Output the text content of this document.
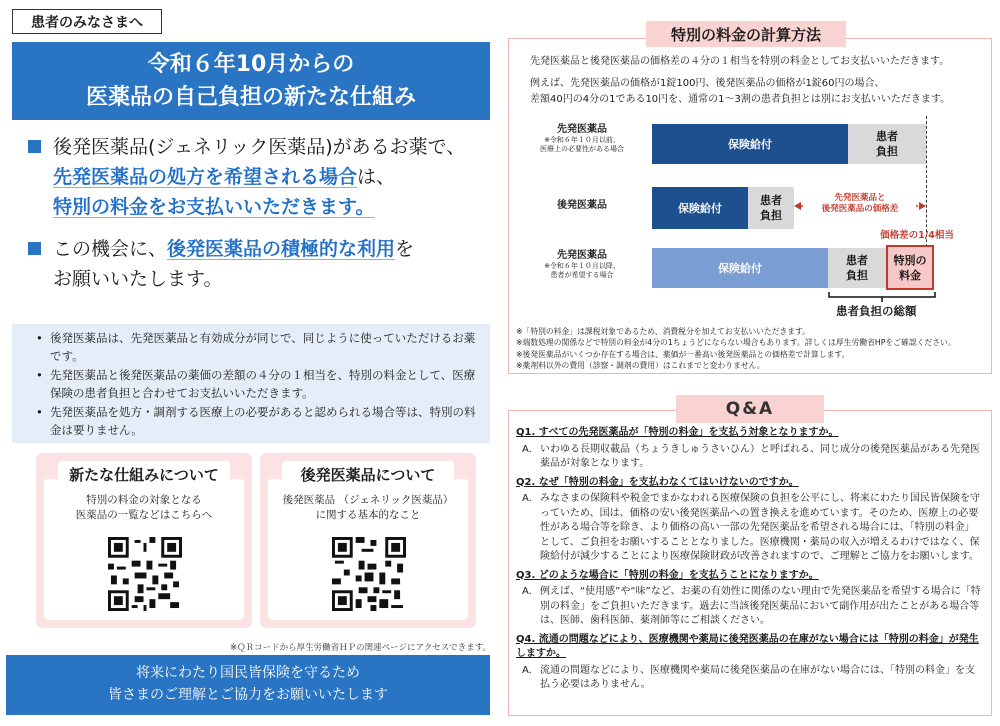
患者のみなさまへ
令和６年10月からの
医薬品の自己負担の新たな仕組み
後発医薬品(ジェネリック医薬品)があるお薬で、
先発医薬品の処方を希望される場合は、
特別の料金をお支払いいただきます。
この機会に、後発医薬品の積極的な利用を
お願いいたします。
• 後発医薬品は、先発医薬品と有効成分が同じで、同じように使っていただけるお薬です。
• 先発医薬品と後発医薬品の薬価の差額の４分の１相当を、特別の料金として、医療保険の患者負担と合わせてお支払いいただきます。
• 先発医薬品を処方・調剤する医療上の必要があると認められる場合等は、特別の料金は要りません。
特別の料金の対象となる
医薬品の一覧などはこちらへ
新たな仕組みについて
後発医薬品 （ジェネリック医薬品）
に関する基本的なこと
後発医薬品について
※ＱＲコードから厚生労働省ＨＰの関連ページにアクセスできます。
将来にわたり国民皆保険を守るため
皆さまのご理解とご協力をお願いいたします
特別の料金の計算方法

先発医薬品と後発医薬品の価格差の４分の１相当を特別の料金としてお支払いいただきます。

例えば、先発医薬品の価格が1錠100円、後発医薬品の価格が1錠60円の場合、
差額40円の4分の1である10円を、通常の1～3割の患者負担とは別にお支払いいただきます。

先発医薬品
※令和６年１０月以前、
医療上の必要性がある場合	保険給付
患者
負担
後発医薬品	保険給付
患者
負担
先発医薬品と
後発医薬品の価格差
価格差の1/4相当
先発医薬品
※令和６年１０月以降、
患者が希望する場合	保険給付
患者
負担
特別の
料金
患者負担の総額
※「特別の料金」は課税対象であるため、消費税分を加えてお支払いいただきます。
※端数処理の関係などで特別の料金が4分の1ちょうどにならない場合もあります。詳しくは厚生労働省HPをご確認ください。
※後発医薬品がいくつか存在する場合は、薬価が一番高い後発医薬品との価格差で計算します。
※薬剤料以外の費用（診察・調剤の費用）はこれまでと変わりません。
Q&A
Q1. すべての先発医薬品が「特別の料金」を支払う対象となりますか。
A. いわゆる長期収載品（ちょうきしゅうさいひん）と呼ばれる、同じ成分の後発医薬品がある先発医薬品が対象となります。
Q2. なぜ「特別の料金」を支払わなくてはいけないのですか。
A. みなさまの保険料や税金でまかなわれる医療保険の負担を公平にし、将来にわたり国民皆保険を守っていため、国は、価格の安い後発医薬品への置き換えを進めています。そのため、医療上の必要性がある場合等を除き、より価格の高い一部の先発医薬品を希望される場合には、「特別の料金」として、ご負担をお願いすることとなりました。医療機関・薬局の収入が増えるわけではなく、保険給付が減少することにより医療保険財政が改善されますので、ご理解とご協力をお願いします。
Q3. どのような場合に「特別の料金」を支払うことになりますか。
A. 例えば、“使用感”や“味”など、お薬の有効性に関係のない理由で先発医薬品を希望する場合に「特別の料金」をご負担いただきます。過去に当該後発医薬品において副作用が出たことがある場合等は、医師、歯科医師、薬剤師等にご相談ください。
Q4. 流通の問題などにより、医療機関や薬局に後発医薬品の在庫がない場合には「特別の料金」が発生しますか。
A. 流通の問題などにより、医療機関や薬局に後発医薬品の在庫がない場合には、「特別の料金」を支払う必要はありません。
